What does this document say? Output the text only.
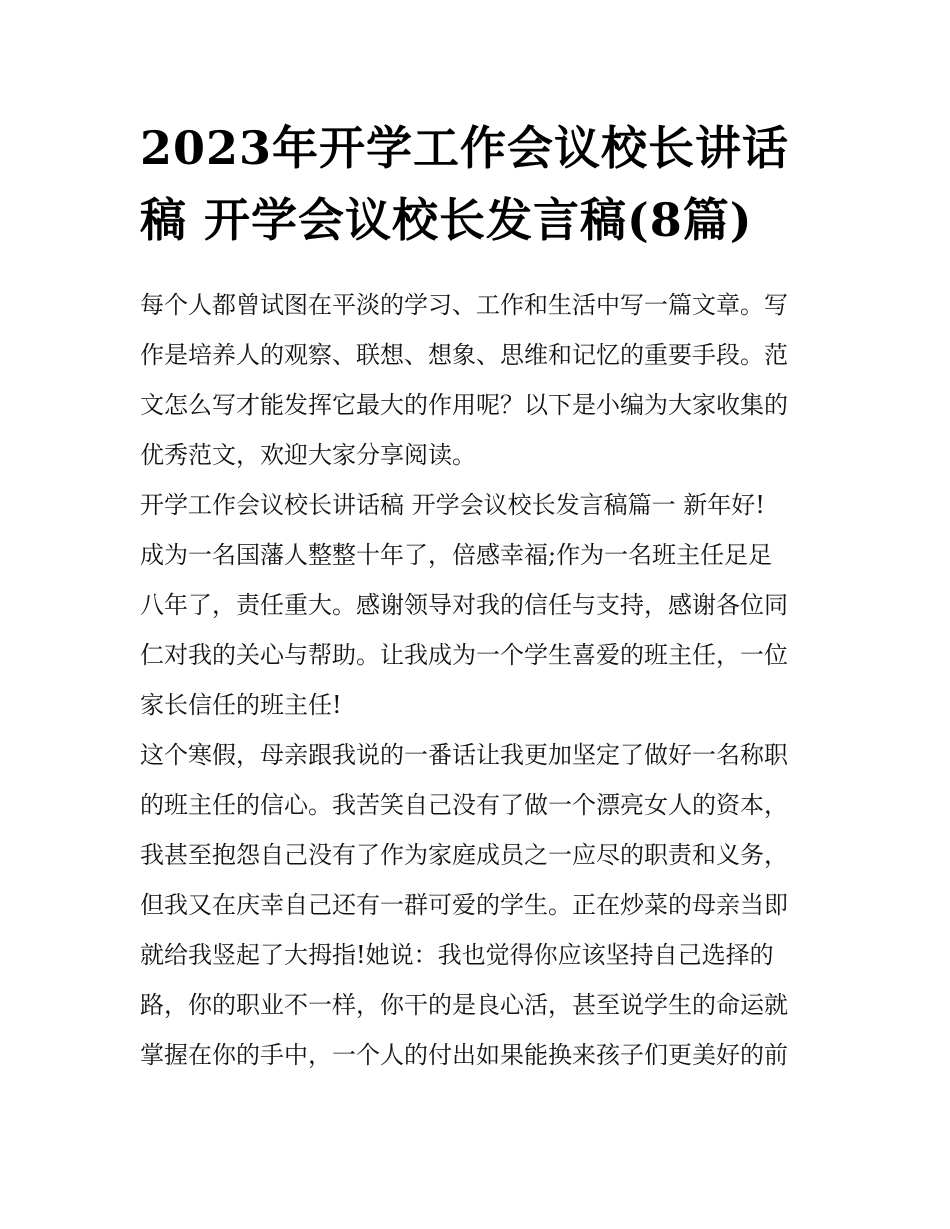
2023年开学工作会议校长讲话稿 开学会议校长发言稿(8篇)
每个人都曾试图在平淡的学习、工作和生活中写一篇文章。写
作是培养人的观察、联想、想象、思维和记忆的重要手段。范
文怎么写才能发挥它最大的作用呢？以下是小编为大家收集的
优秀范文，欢迎大家分享阅读。
开学工作会议校长讲话稿 开学会议校长发言稿篇一 新年好!
成为一名国藩人整整十年了，倍感幸福;作为一名班主任足足
八年了，责任重大。感谢领导对我的信任与支持，感谢各位同
仁对我的关心与帮助。让我成为一个学生喜爱的班主任，一位
家长信任的班主任!
这个寒假，母亲跟我说的一番话让我更加坚定了做好一名称职
的班主任的信心。我苦笑自己没有了做一个漂亮女人的资本，
我甚至抱怨自己没有了作为家庭成员之一应尽的职责和义务，
但我又在庆幸自己还有一群可爱的学生。正在炒菜的母亲当即
就给我竖起了大拇指!她说：我也觉得你应该坚持自己选择的
路，你的职业不一样，你干的是良心活，甚至说学生的命运就
掌握在你的手中，一个人的付出如果能换来孩子们更美好的前
